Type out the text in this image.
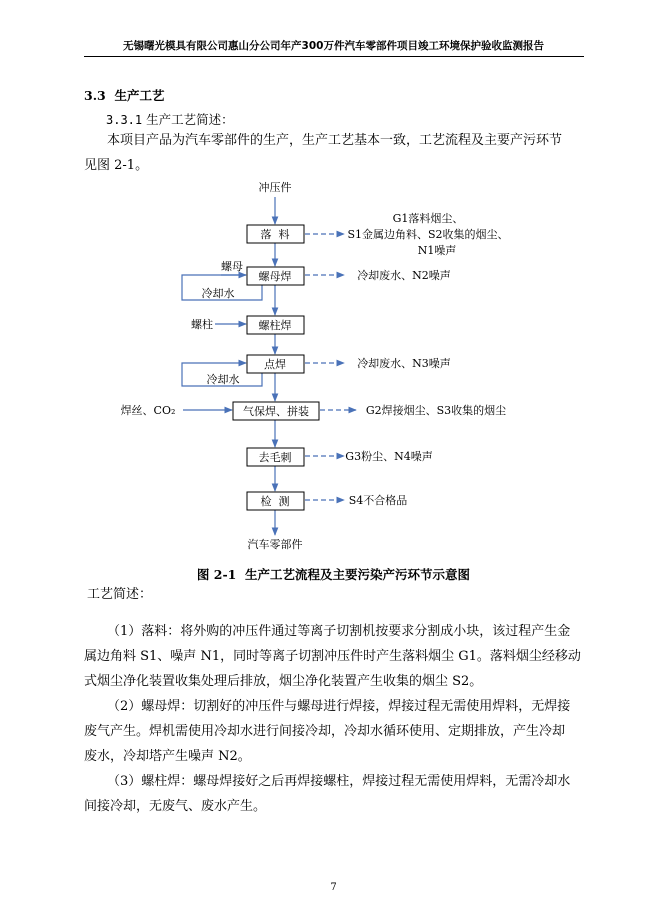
无锡曙光模具有限公司惠山分公司年产300万件汽车零部件项目竣工环境保护验收监测报告
3.3 生产工艺
3.3.1 生产工艺简述：
本项目产品为汽车零部件的生产，生产工艺基本一致，工艺流程及主要产污环节
见图 2-1。
冲压件
落  料
螺母焊
螺柱焊
点焊
气保焊、拼装
去毛刺
检  测
汽车零部件
螺母
螺柱
焊丝、CO₂
冷却水
冷却水
G1落料烟尘、
S1金属边角料、S2收集的烟尘、
N1噪声
冷却废水、N2噪声
冷却废水、N3噪声
G2焊接烟尘、S3收集的烟尘
G3粉尘、N4噪声
S4不合格品
图 2-1  生产工艺流程及主要污染产污环节示意图
工艺简述：
（1）落料：将外购的冲压件通过等离子切割机按要求分割成小块，该过程产生金
属边角料 S1、噪声 N1，同时等离子切割冲压件时产生落料烟尘 G1。落料烟尘经移动
式烟尘净化装置收集处理后排放，烟尘净化装置产生收集的烟尘 S2。
（2）螺母焊：切割好的冲压件与螺母进行焊接，焊接过程无需使用焊料，无焊接
废气产生。焊机需使用冷却水进行间接冷却，冷却水循环使用、定期排放，产生冷却
废水，冷却塔产生噪声 N2。
（3）螺柱焊：螺母焊接好之后再焊接螺柱，焊接过程无需使用焊料，无需冷却水
间接冷却，无废气、废水产生。
7
